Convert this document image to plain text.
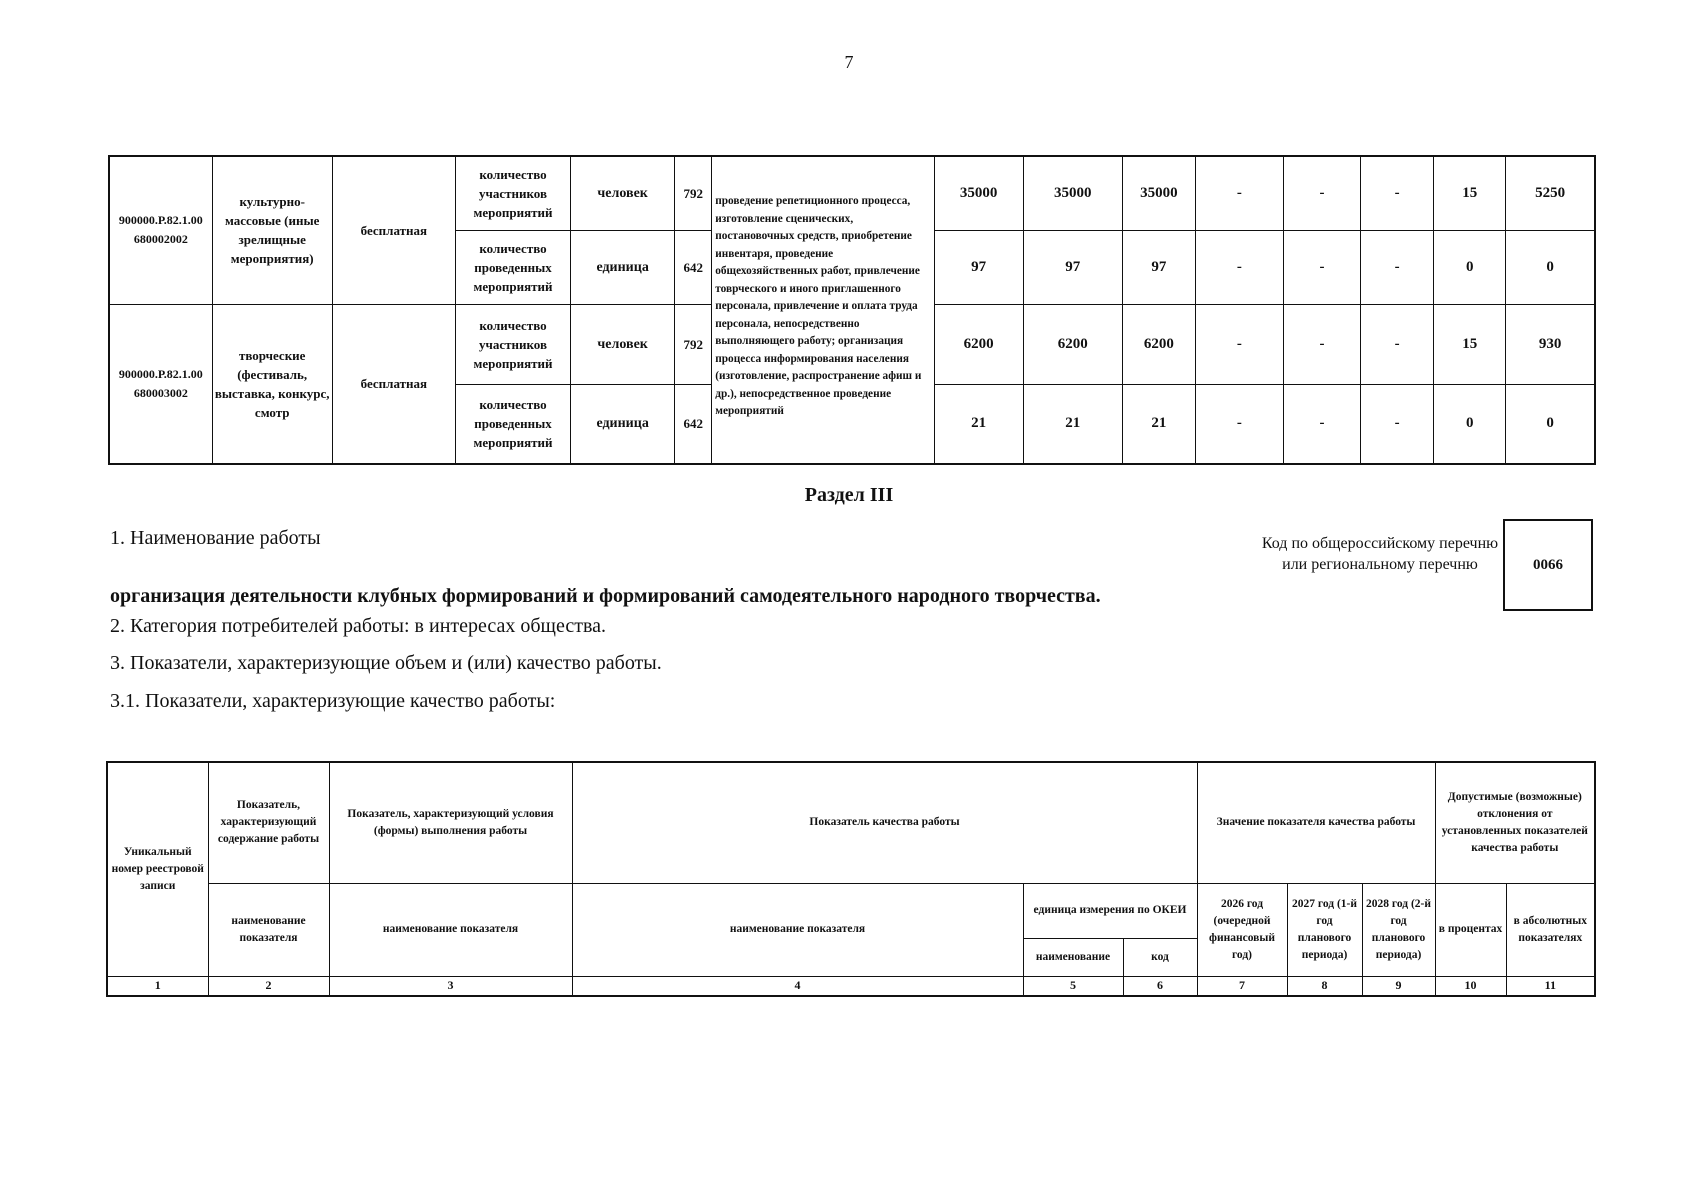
7
900000.Р.82.1.00 680002002	культурно-массовые (иные зрелищные мероприятия)	бесплатная	количество участников мероприятий	человек	792	проведение репетиционного процесса, изготовление сценических, постановочных средств, приобретение инвентаря, проведение общехозяйственных работ, привлечение товрческого и иного приглашенного персонала, привлечение и оплата труда персонала, непосредственно выполняющего работу; организация процесса информирования населения (изготовление, распространение афиш и др.), непосредственное проведение мероприятий	35000	35000	35000	-	-	-	15	5250
			количество проведенных мероприятий	единица	642		97	97	97	-	-	-	0	0
900000.Р.82.1.00 680003002	творческие (фестиваль, выставка, конкурс, смотр	бесплатная	количество участников мероприятий	человек	792		6200	6200	6200	-	-	-	15	930
			количество проведенных мероприятий	единица	642		21	21	21	-	-	-	0	0
Раздел III
1. Наименование работы
организация деятельности клубных формирований и формирований самодеятельного народного творчества.
2. Категория потребителей работы: в интересах общества.
3. Показатели, характеризующие объем и (или) качество работы.
3.1. Показатели, характеризующие качество работы:
Код по общероссийскому перечню или региональному перечню	0066
Уникальный номер реестровой записи	Показатель, характеризующий содержание работы	Показатель, характеризующий условия (формы) выполнения работы	Показатель качества работы			Значение показателя качества работы			Допустимые (возможные) отклонения от установленных показателей качества работы	
	наименование показателя	наименование показателя	наименование показателя	единица измерения по ОКЕИ		2026 год (очередной финансовый год)	2027 год (1-й год планового периода)	2028 год (2-й год планового периода)	в процентах	в абсолютных показателях
				наименование	код					
1	2	3	4	5	6	7	8	9	10	11
